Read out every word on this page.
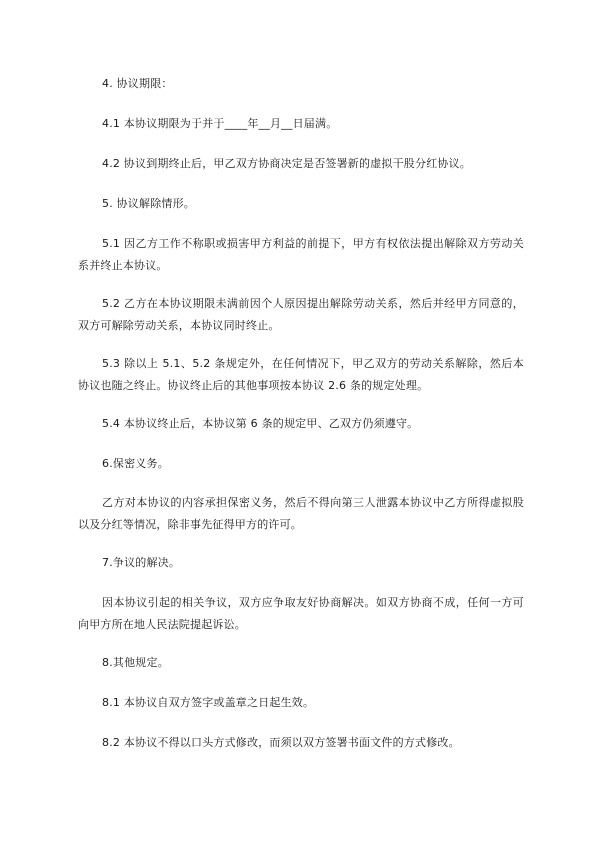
4. 协议期限：

4.1 本协议期限为于并于____年__月__日届满。

4.2 协议到期终止后，甲乙双方协商决定是否签署新的虚拟干股分红协议。

5. 协议解除情形。

5.1 因乙方工作不称职或损害甲方利益的前提下，甲方有权依法提出解除双方劳动关系并终止本协议。

5.2 乙方在本协议期限未满前因个人原因提出解除劳动关系，然后并经甲方同意的，双方可解除劳动关系，本协议同时终止。

5.3 除以上 5.1、5.2 条规定外，在任何情况下，甲乙双方的劳动关系解除，然后本协议也随之终止。协议终止后的其他事项按本协议 2.6 条的规定处理。

5.4 本协议终止后，本协议第 6 条的规定甲、乙双方仍须遵守。

6.保密义务。

乙方对本协议的内容承担保密义务，然后不得向第三人泄露本协议中乙方所得虚拟股以及分红等情况，除非事先征得甲方的许可。

7.争议的解决。

因本协议引起的相关争议，双方应争取友好协商解决。如双方协商不成，任何一方可向甲方所在地人民法院提起诉讼。

8.其他规定。

8.1 本协议自双方签字或盖章之日起生效。

8.2 本协议不得以口头方式修改，而须以双方签署书面文件的方式修改。
